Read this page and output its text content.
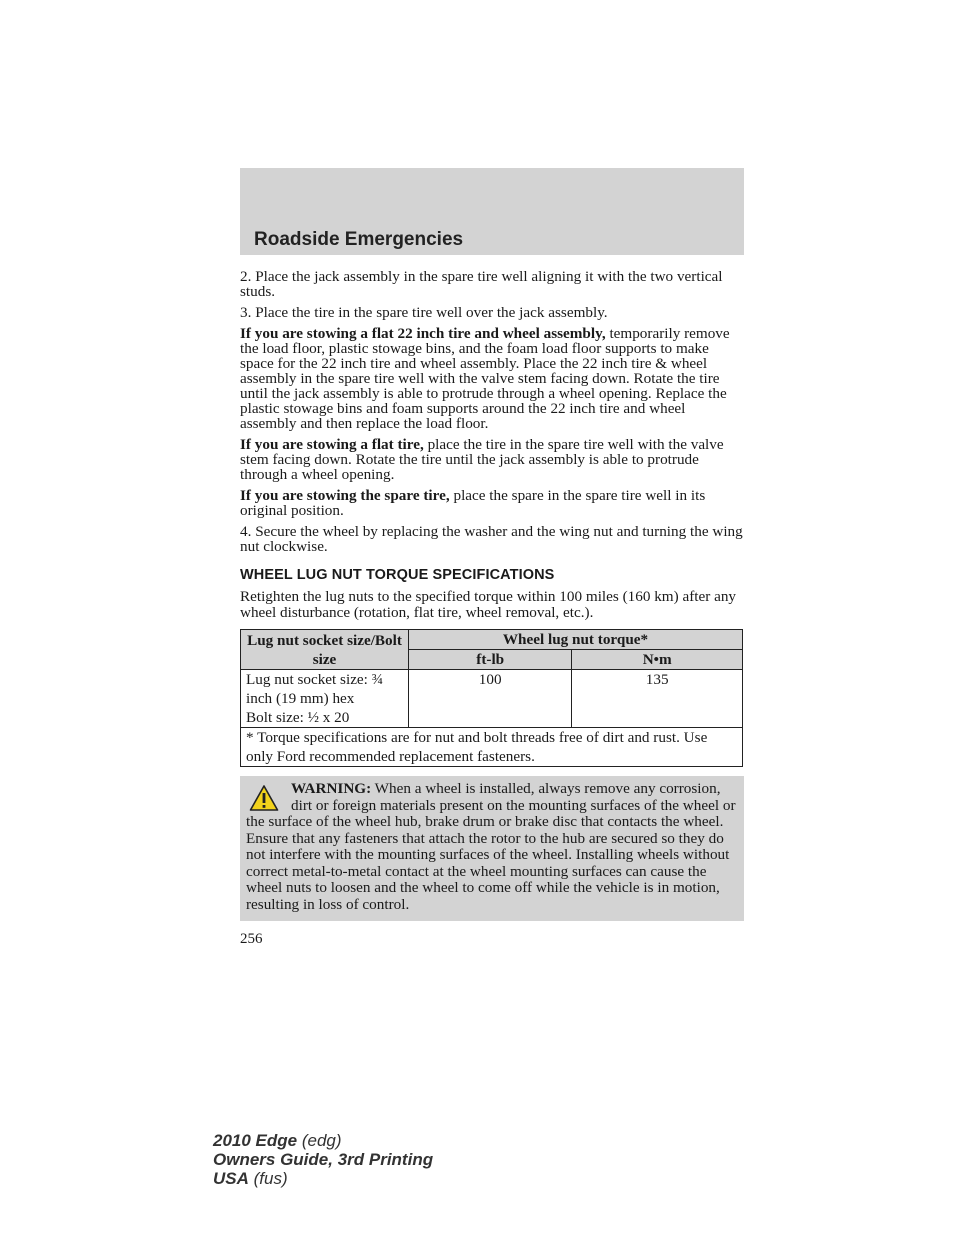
Roadside Emergencies

2. Place the jack assembly in the spare tire well aligning it with the two vertical studs.

3. Place the tire in the spare tire well over the jack assembly.

If you are stowing a flat 22 inch tire and wheel assembly, temporarily remove the load floor, plastic stowage bins, and the foam load floor supports to make space for the 22 inch tire and wheel assembly. Place the 22 inch tire & wheel assembly in the spare tire well with the valve stem facing down. Rotate the tire until the jack assembly is able to protrude through a wheel opening. Replace the plastic stowage bins and foam supports around the 22 inch tire and wheel assembly and then replace the load floor.

If you are stowing a flat tire, place the tire in the spare tire well with the valve stem facing down. Rotate the tire until the jack assembly is able to protrude through a wheel opening.

If you are stowing the spare tire, place the spare in the spare tire well in its original position.

4. Secure the wheel by replacing the washer and the wing nut and turning the wing nut clockwise.

WHEEL LUG NUT TORQUE SPECIFICATIONS

Retighten the lug nuts to the specified torque within 100 miles (160 km) after any wheel disturbance (rotation, flat tire, wheel removal, etc.).

Lug nut socket size/Bolt size	Wheel lug nut torque*	
	ft-lb	N•m

Lug nut socket size: ¾
inch (19 mm) hex
Bolt size: ½ x 20	100	135
* Torque specifications are for nut and bolt threads free of dirt and rust. Use only Ford recommended replacement fasteners.		
WARNING: When a wheel is installed, always remove any corrosion, dirt or foreign materials present on the mounting surfaces of the wheel or the surface of the wheel hub, brake drum or brake disc that contacts the wheel. Ensure that any fasteners that attach the rotor to the hub are secured so they do not interfere with the mounting surfaces of the wheel. Installing wheels without correct metal-to-metal contact at the wheel mounting surfaces can cause the wheel nuts to loosen and the wheel to come off while the vehicle is in motion, resulting in loss of control.
256
2010 Edge (edg)
Owners Guide, 3rd Printing
USA (fus)
